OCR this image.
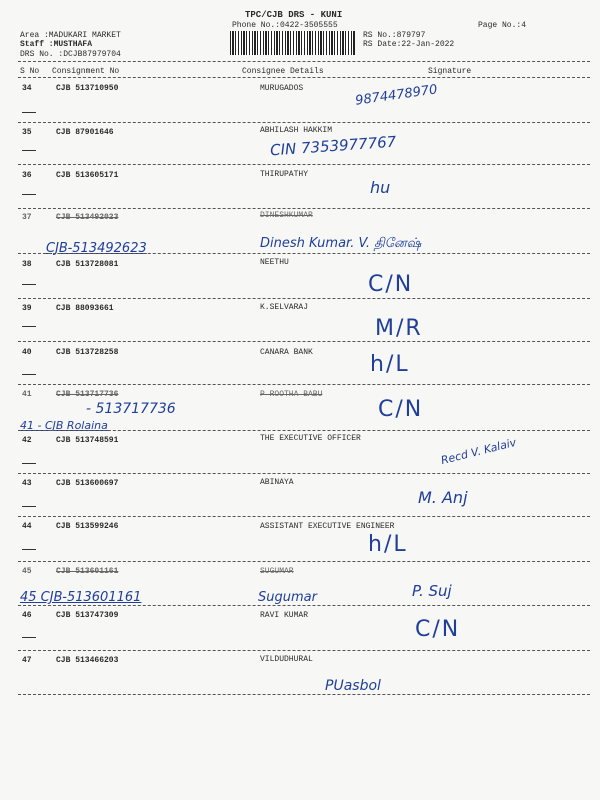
TPC/CJB DRS - KUNI
Phone No.:0422-3505555	Page No.:4
Area :MADUKARI MARKET
Staff :MUSTHAFA
DRS No. :DCJB87979704
RS No.:879797
RS Date:22-Jan-2022
S No Consignment No	Consignee Details	Signature
34	CJB 513710950	MURUGADOS	9874478970
35	CJB 87901646	ABHILASH HAKKIM
CIN 7353977767
36	CJB 513605171	THIRUPATHY
hu
37	CJB 513492023	DINESHKUMAR
CJB-513492623	Dinesh Kumar. V. தினேஷ்
38	CJB 513728081	NEETHU
C/N
39	CJB 88093661	K.SELVARAJ
M/R
40	CJB 513728258	CANARA BANK	h/L
41	CJB 513717736	P ROOTHA BABU
- 513717736
41 - CJB Rolaina
C/N
42	CJB 513748591	THE EXECUTIVE OFFICER	Recd V. Kalaiv
43	CJB 513600697	ABINAYA
M. Anj
44	CJB 513599246	ASSISTANT EXECUTIVE ENGINEER
h/L
45	CJB 513601161	SUGUMAR
45 CJB-513601161	Sugumar	P. Suj
46	CJB 513747309	RAVI KUMAR
C/N
47	CJB 513466203	VILDUDHURAL
PUasbol
